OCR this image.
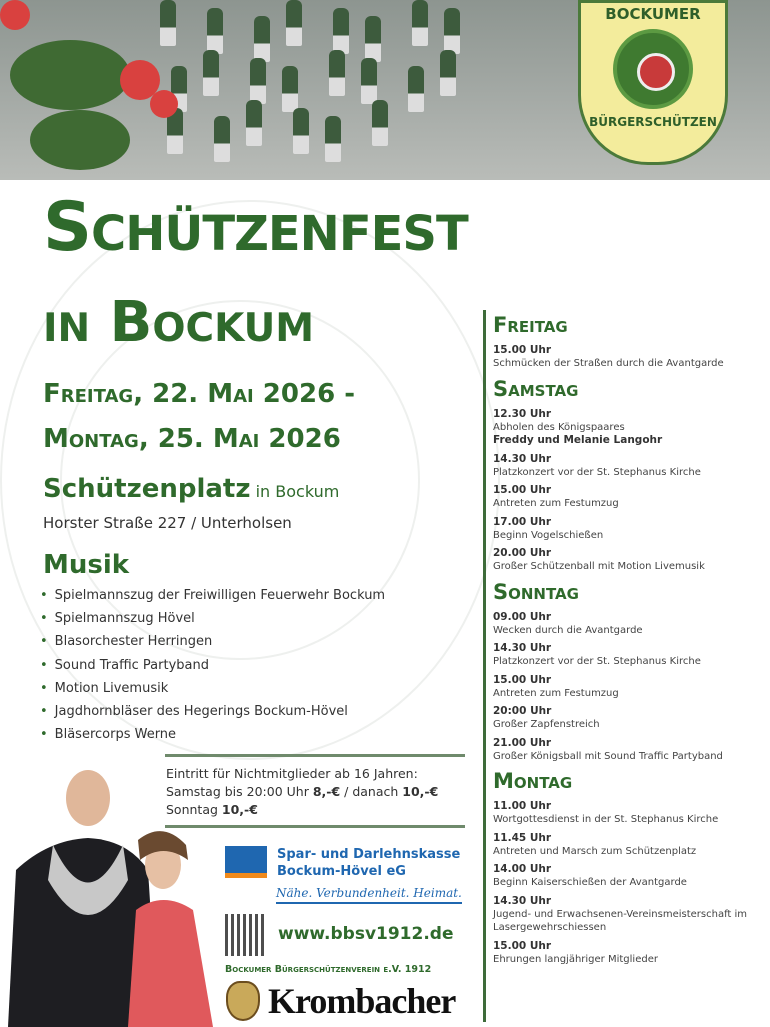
BOCKUMER
BÜRGERSCHÜTZEN
Schützenfest
in Bockum
Freitag, 22. Mai 2026 -
Montag, 25. Mai 2026
Schützenplatz in Bockum
Horster Straße 227 / Unterholsen
Musik
• Spielmannszug der Freiwilligen Feuerwehr Bockum
• Spielmannszug Hövel
• Blasorchester Herringen
• Sound Traffic Partyband
• Motion Livemusik
• Jagdhornbläser des Hegerings Bockum-Hövel
• Bläsercorps Werne
Eintritt für Nichtmitglieder ab 16 Jahren:
Samstag bis 20:00 Uhr 8,-€ / danach 10,-€
Sonntag 10,-€
Spar- und Darlehnskasse
Bockum-Hövel eG
Nähe. Verbundenheit. Heimat.
www.bbsv1912.de
Bockumer Bürgerschützenverein e.V. 1912
Krombacher
Freitag
15.00 Uhr
Schmücken der Straßen durch die Avantgarde
Samstag
12.30 Uhr
Abholen des Königspaares
Freddy und Melanie Langohr
14.30 Uhr
Platzkonzert vor der St. Stephanus Kirche
15.00 Uhr
Antreten zum Festumzug
17.00 Uhr
Beginn Vogelschießen
20.00 Uhr
Großer Schützenball mit Motion Livemusik
Sonntag
09.00 Uhr
Wecken durch die Avantgarde
14.30 Uhr
Platzkonzert vor der St. Stephanus Kirche
15.00 Uhr
Antreten zum Festumzug
20:00 Uhr
Großer Zapfenstreich
21.00 Uhr
Großer Königsball mit Sound Traffic Partyband
Montag
11.00 Uhr
Wortgottesdienst in der St. Stephanus Kirche
11.45 Uhr
Antreten und Marsch zum Schützenplatz
14.00 Uhr
Beginn Kaiserschießen der Avantgarde
14.30 Uhr
Jugend- und Erwachsenen-Vereinsmeisterschaft im Lasergewehrschiessen
15.00 Uhr
Ehrungen langjähriger Mitglieder
